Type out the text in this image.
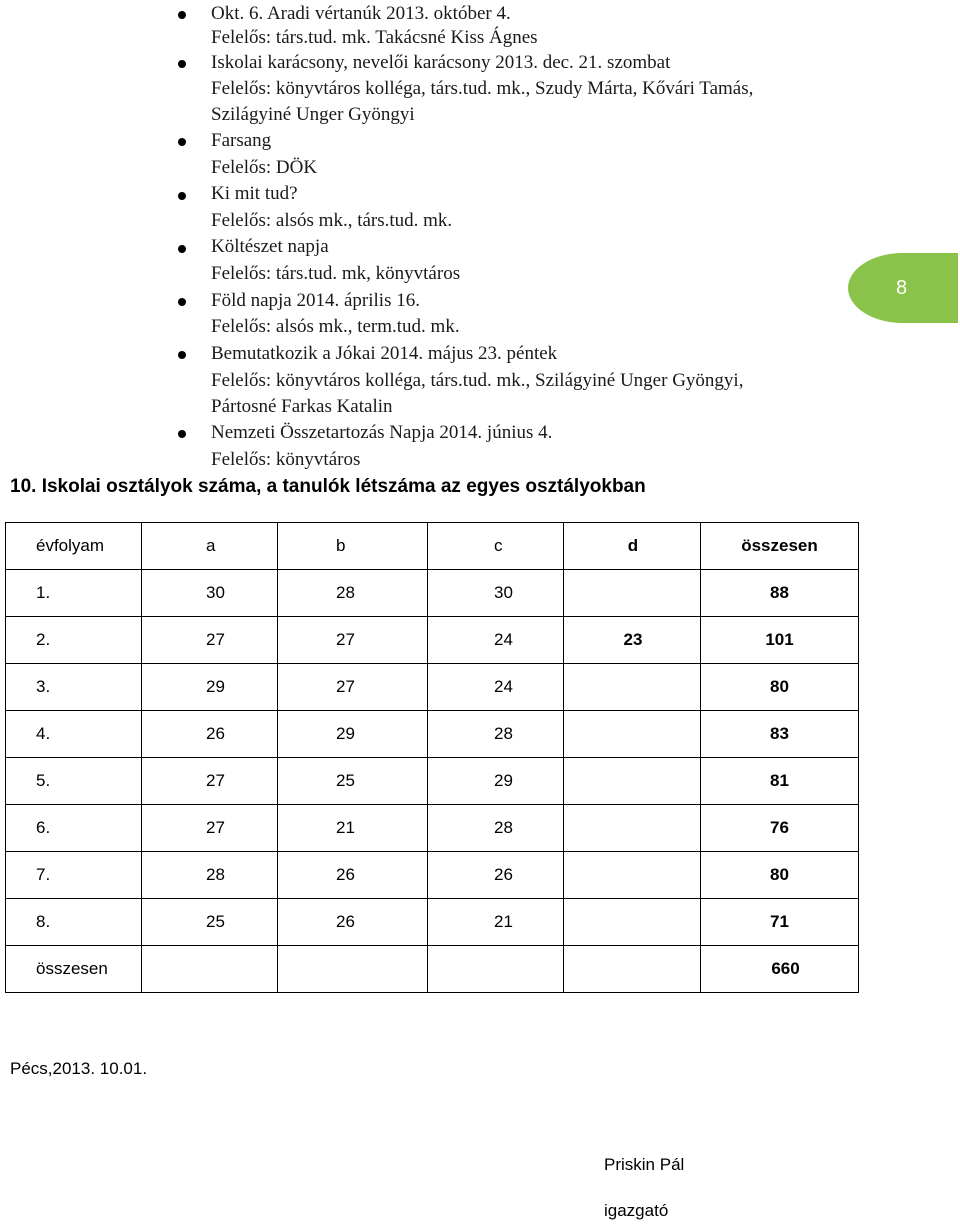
Okt. 6. Aradi vértanúk 2013. október 4.
Felelős: társ.tud. mk. Takácsné Kiss Ágnes
Iskolai karácsony, nevelői karácsony 2013. dec. 21. szombat
Felelős: könyvtáros kolléga, társ.tud. mk., Szudy Márta, Kővári Tamás,
Szilágyiné Unger Gyöngyi
Farsang
Felelős: DÖK
Ki mit tud?
Felelős: alsós mk., társ.tud. mk.
Költészet napja
Felelős: társ.tud. mk, könyvtáros
Föld napja 2014. április 16.
Felelős: alsós mk., term.tud. mk.
Bemutatkozik a Jókai 2014. május 23. péntek
Felelős: könyvtáros kolléga, társ.tud. mk., Szilágyiné Unger Gyöngyi,
Pártosné Farkas Katalin
Nemzeti Összetartozás Napja 2014. június 4.
Felelős: könyvtáros
8
10. Iskolai osztályok száma, a tanulók létszáma az egyes osztályokban
évfolyam	a	b	c	d	összesen
1.	30	28	30		88
2.	27	27	24	23	101
3.	29	27	24		80
4.	26	29	28		83
5.	27	25	29		81
6.	27	21	28		76
7.	28	26	26		80
8.	25	26	21		71
összesen					660
Pécs,2013. 10.01.
Priskin Pál
igazgató
